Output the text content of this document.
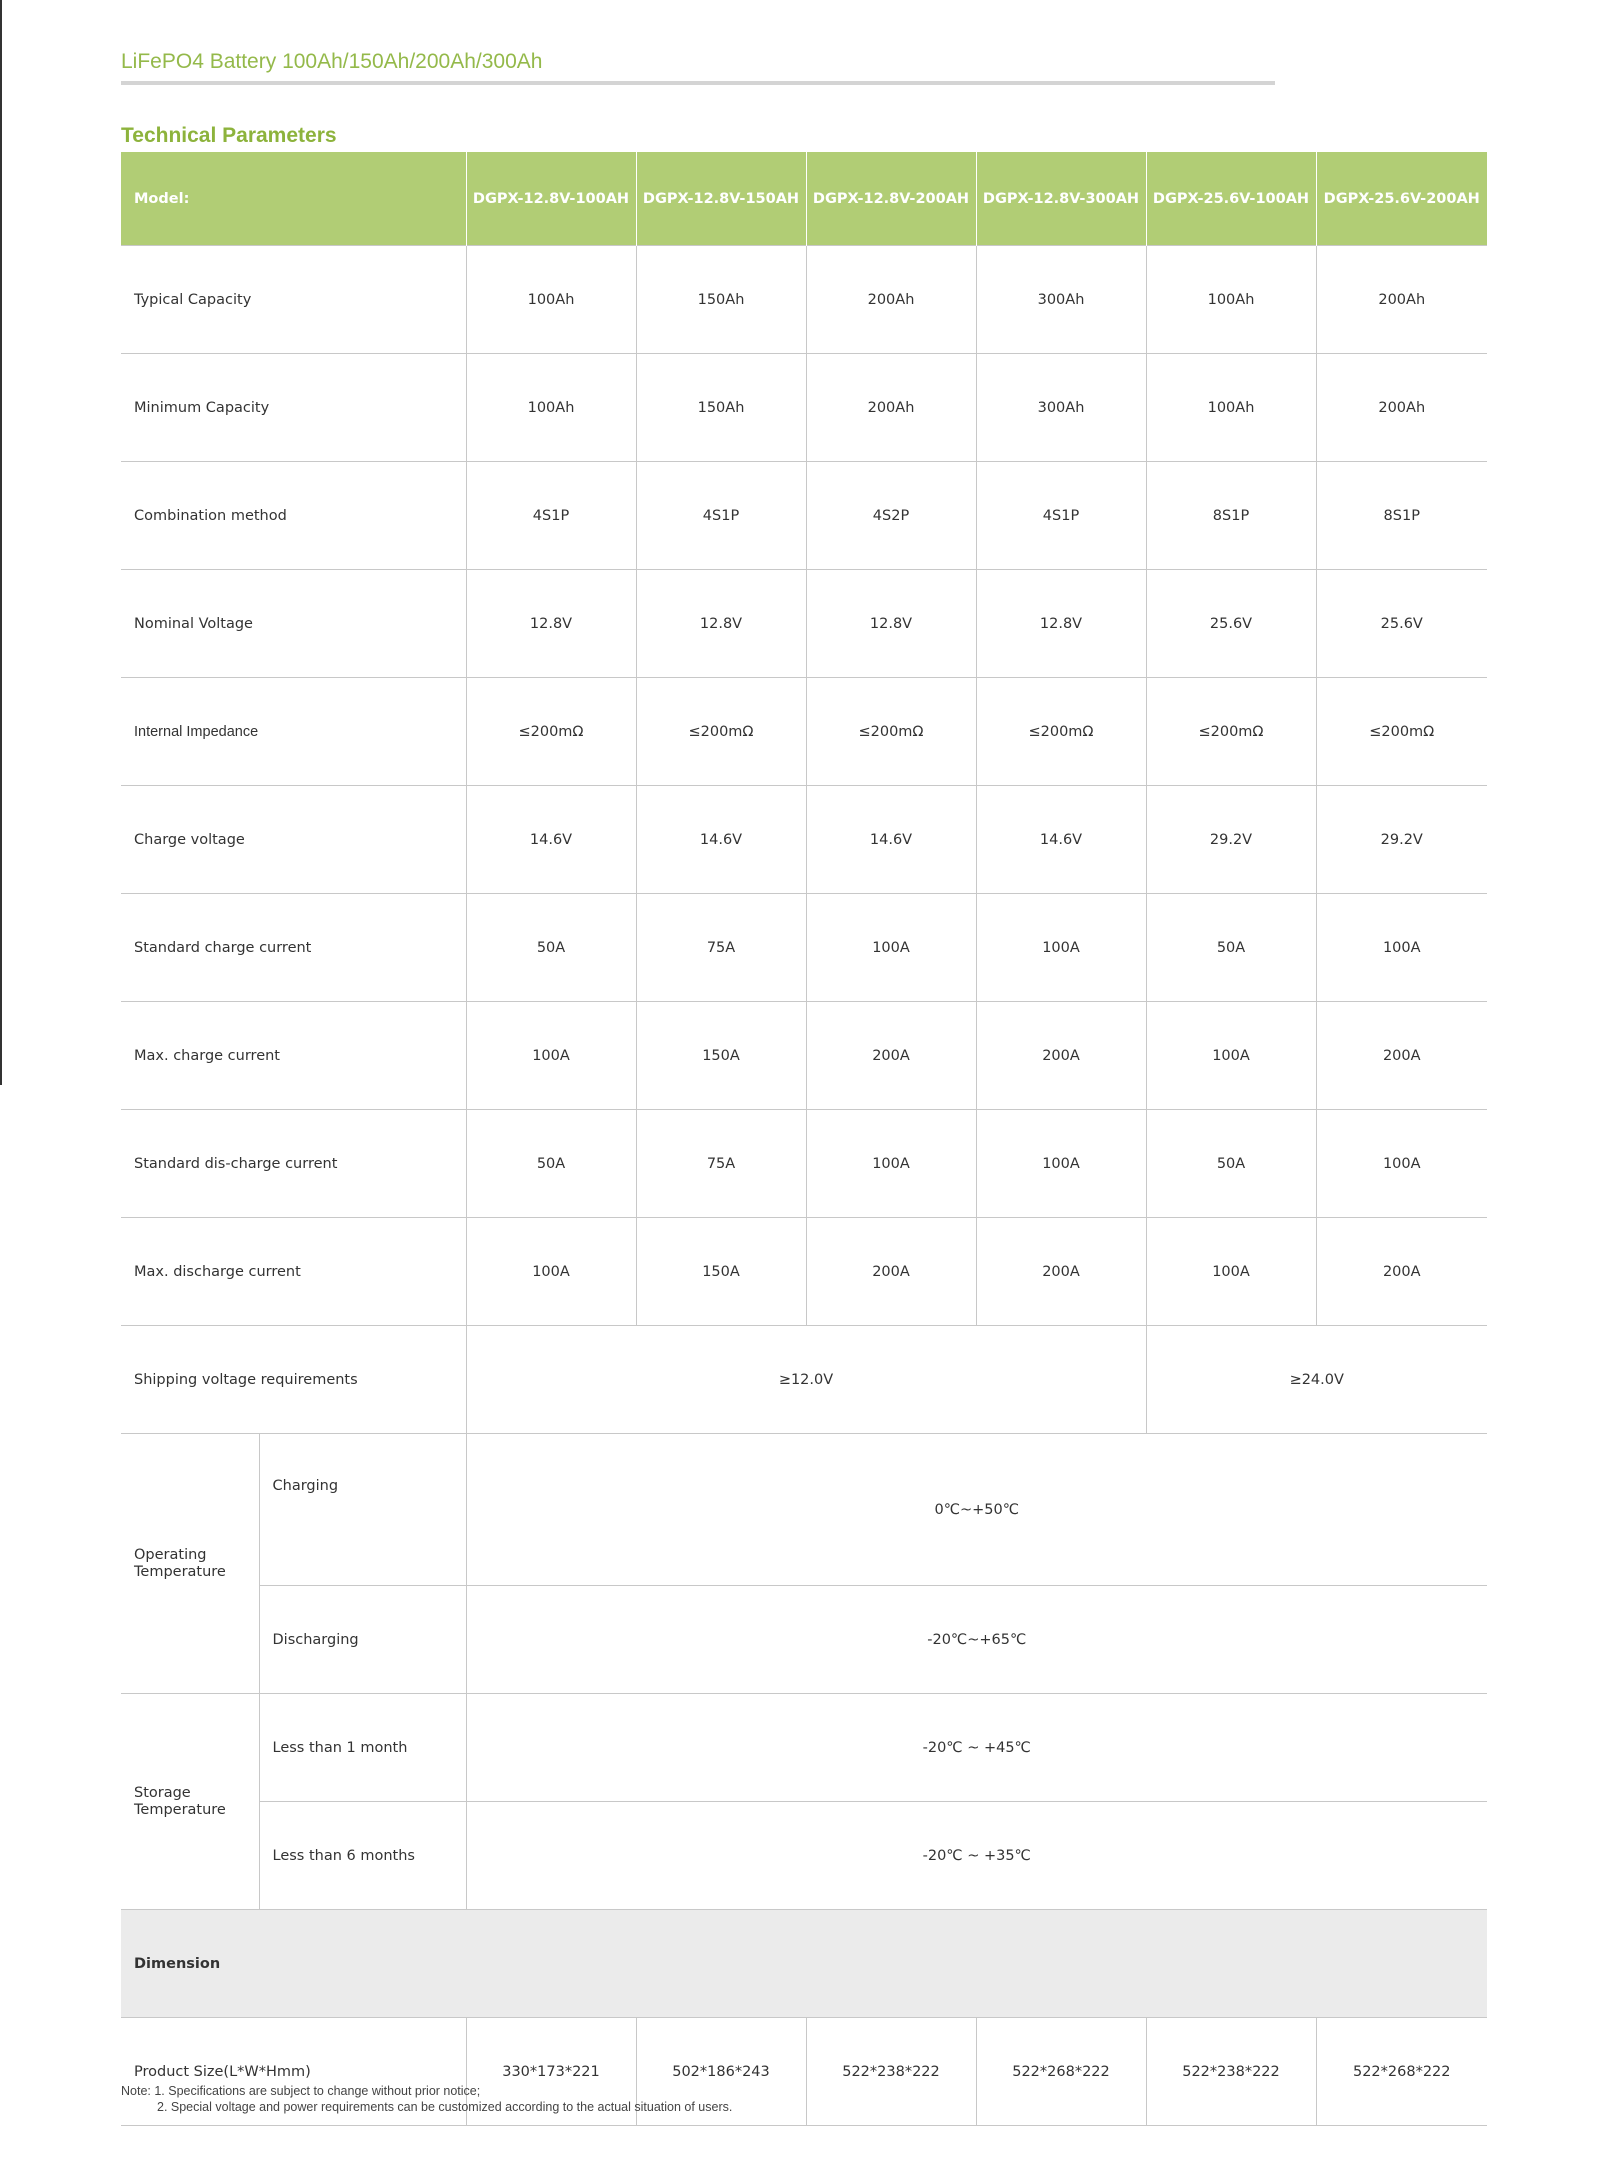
LiFePO4 Battery 100Ah/150Ah/200Ah/300Ah
Technical Parameters
Model:		DGPX-12.8V-100AH	DGPX-12.8V-150AH	DGPX-12.8V-200AH	DGPX-12.8V-300AH	DGPX-25.6V-100AH	DGPX-25.6V-200AH
Typical Capacity		100Ah	150Ah	200Ah	300Ah	100Ah	200Ah
Minimum Capacity		100Ah	150Ah	200Ah	300Ah	100Ah	200Ah
Combination method		4S1P	4S1P	4S2P	4S1P	8S1P	8S1P
Nominal Voltage		12.8V	12.8V	12.8V	12.8V	25.6V	25.6V
Internal Impedance		≤200mΩ	≤200mΩ	≤200mΩ	≤200mΩ	≤200mΩ	≤200mΩ
Charge voltage		14.6V	14.6V	14.6V	14.6V	29.2V	29.2V
Standard charge current		50A	75A	100A	100A	50A	100A
Max. charge current		100A	150A	200A	200A	100A	200A
Standard dis-charge current		50A	75A	100A	100A	50A	100A
Max. discharge current		100A	150A	200A	200A	100A	200A
Shipping voltage requirements		≥12.0V				≥24.0V	
Operating Temperature	Charging	0℃~+50℃					
	Discharging	-20℃~+65℃					
Storage Temperature	Less than 1 month	-20℃ ~ +45℃					
	Less than 6 months	-20℃ ~ +35℃					
Dimension							
Product Size(L*W*Hmm)		330*173*221	502*186*243	522*238*222	522*268*222	522*238*222	522*268*222
Note: 1. Specifications are subject to change without prior notice;
2. Special voltage and power requirements can be customized according to the actual situation of users.
